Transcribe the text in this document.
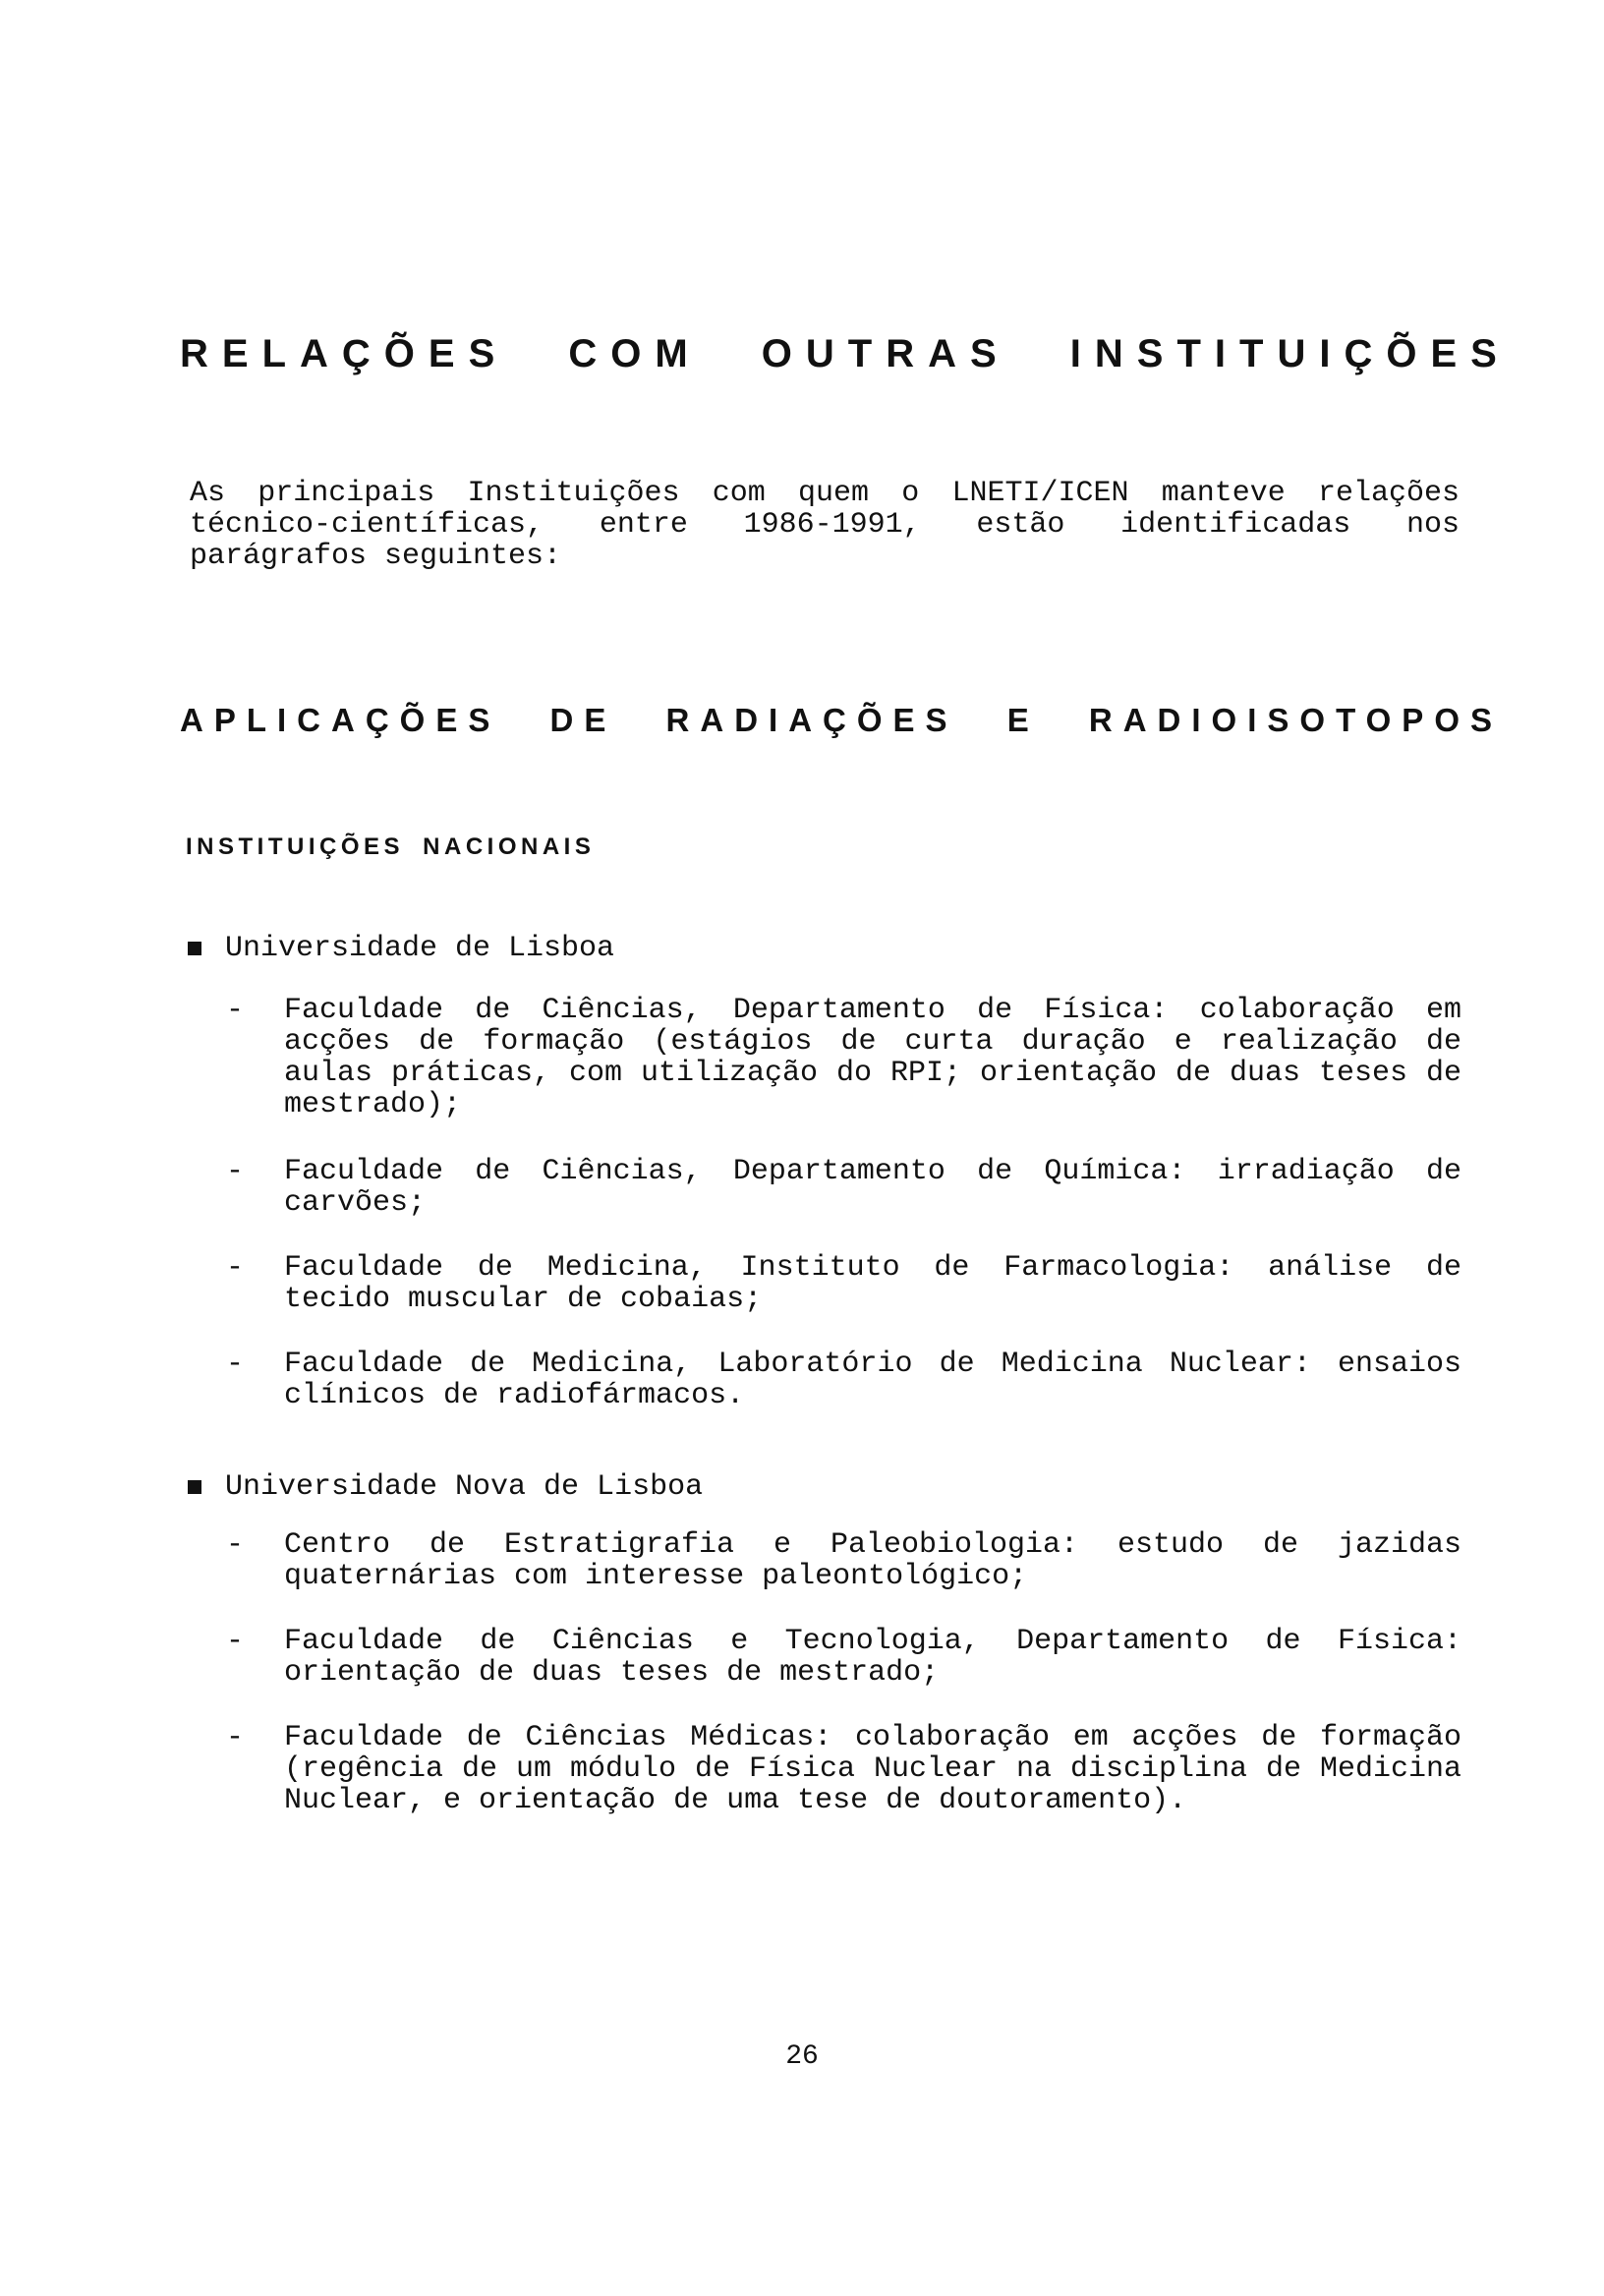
RELAÇÕES COM OUTRAS INSTITUIÇÕES

As principais Instituições com quem o LNETI/ICEN manteve relações técnico-científicas, entre 1986-1991, estão identificadas nos parágrafos seguintes:

APLICAÇÕES DE RADIAÇÕES E RADIOISOTOPOS
INSTITUIÇÕES NACIONAIS
Universidade de Lisboa
- Faculdade de Ciências, Departamento de Física: colaboração em acções de formação (estágios de curta duração e realização de aulas práticas, com utilização do RPI; orientação de duas teses de mestrado);
- Faculdade de Ciências, Departamento de Química: irradiação de carvões;
- Faculdade de Medicina, Instituto de Farmacologia: análise de tecido muscular de cobaias;
- Faculdade de Medicina, Laboratório de Medicina Nuclear: ensaios clínicos de radiofármacos.
Universidade Nova de Lisboa
- Centro de Estratigrafia e Paleobiologia: estudo de jazidas quaternárias com interesse paleontológico;
- Faculdade de Ciências e Tecnologia, Departamento de Física: orientação de duas teses de mestrado;
- Faculdade de Ciências Médicas: colaboração em acções de formação (regência de um módulo de Física Nuclear na disciplina de Medicina Nuclear, e orientação de uma tese de doutoramento).
26
